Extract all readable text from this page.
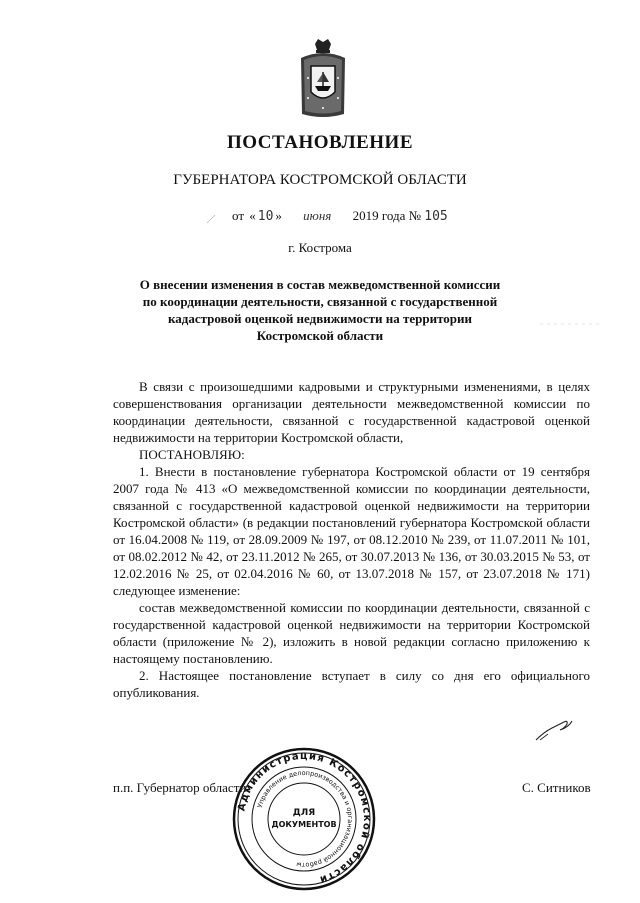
ПОСТАНОВЛЕНИЕ
ГУБЕРНАТОРА КОСТРОМСКОЙ ОБЛАСТИ
от « 10 » июня 2019 года № 105
г. Кострома
О внесении изменения в состав межведомственной комиссии
по координации деятельности, связанной с государственной
кадастровой оценкой недвижимости на территории
Костромской области

В связи с произошедшими кадровыми и структурными изменениями, в целях совершенствования организации деятельности межведомственной комиссии по координации деятельности, связанной с государственной кадастровой оценкой недвижимости на территории Костромской области,

ПОСТАНОВЛЯЮ:

1. Внести в постановление губернатора Костромской области от 19 сентября 2007 года № 413 «О межведомственной комиссии по координации деятельности, связанной с государственной кадастровой оценкой недвижимости на территории Костромской области» (в редакции постановлений губернатора Костромской области от 16.04.2008 № 119, от 28.09.2009 № 197, от 08.12.2010 № 239, от 11.07.2011 № 101, от 08.02.2012 № 42, от 23.11.2012 № 265, от 30.07.2013 № 136, от 30.03.2015 № 53, от 12.02.2016 № 25, от 02.04.2016 № 60, от 13.07.2018 № 157, от 23.07.2018 № 171) следующее изменение:

состав межведомственной комиссии по координации деятельности, связанной с государственной кадастровой оценкой недвижимости на территории Костромской области (приложение № 2), изложить в новой редакции согласно приложению к настоящему постановлению.

2. Настоящее постановление вступает в силу со дня его официального опубликования.

п.п. Губернатор области	С. Ситников
Администрация Костромской области
Управление делопроизводства и организационной работы
ДЛЯ
ДОКУМЕНТОВ
